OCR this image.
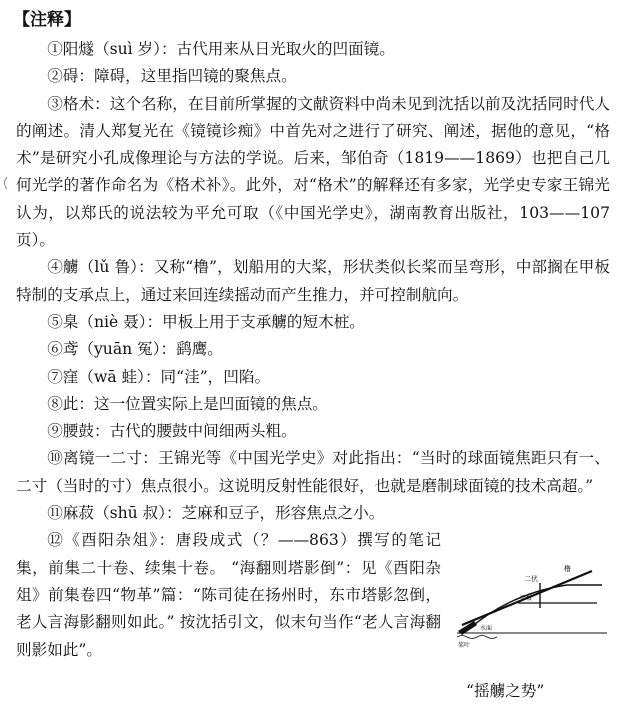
【注释】

①阳燧（suì 岁）：古代用来从日光取火的凹面镜。

②碍：障碍，这里指凹镜的聚焦点。

③格术：这个名称，在目前所掌握的文献资料中尚未见到沈括以前及沈括同时代人的阐述。清人郑复光在《镜镜诊痴》中首先对之进行了研究、阐述，据他的意见，“格术”是研究小孔成像理论与方法的学说。后来，邹伯奇（1819——1869）也把自己几何光学的著作命名为《格术补》。此外，对“格术”的解释还有多家，光学史专家王锦光认为，以郑氏的说法较为平允可取（《中国光学史》，湖南教育出版社，103——107 页）。

④艣（lǔ 鲁）：又称“橹”，划船用的大桨，形状类似长桨而呈弯形，中部搁在甲板特制的支承点上，通过来回连续摇动而产生推力，并可控制航向。

⑤臬（niè 聂）：甲板上用于支承艣的短木桩。

⑥鸢（yuān 冤）：鹞鹰。

⑦窪（wā 蛙）：同“洼”，凹陷。

⑧此：这一位置实际上是凹面镜的焦点。

⑨腰鼓：古代的腰鼓中间细两头粗。

⑩离镜一二寸：王锦光等《中国光学史》对此指出：“当时的球面镜焦距只有一、二寸（当时的寸）焦点很小。这说明反射性能很好，也就是磨制球面镜的技术高超。”

⑪麻菽（shū 叔）：芝麻和豆子，形容焦点之小。

⑫《酉阳杂俎》：唐段成式（？——863）撰写的笔记集，前集二十卷、续集十卷。 “海翻则塔影倒”：见《酉阳杂俎》前集卷四“物革”篇：“陈司徒在扬州时，东市塔影忽倒，老人言海影翻则如此。” 按沈括引文，似末句当作“老人言海翻则影如此”。

橹
二伏
甲板
水面
桨叶
“摇艣之势”
